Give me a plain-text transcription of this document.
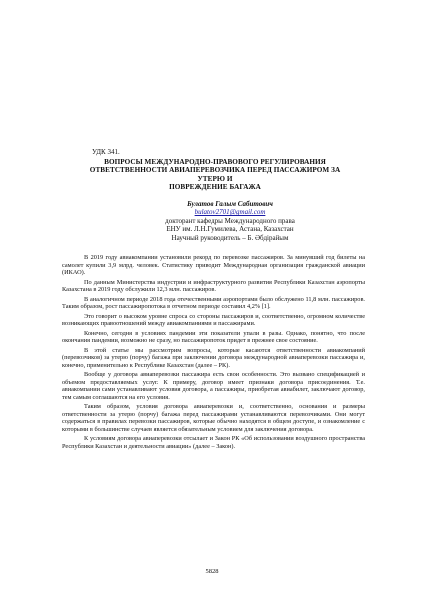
УДК 341.
ВОПРОСЫ МЕЖДУНАРОДНО-ПРАВОВОГО РЕГУЛИРОВАНИЯ
ОТВЕТСТВЕННОСТИ АВИАПЕРЕВОЗЧИКА ПЕРЕД ПАССАЖИРОМ ЗА УТЕРЮ И
ПОВРЕЖДЕНИЕ БАГАЖА
Булатов Галым Сабитович
bulatov2701@gmail.com
докторант кафедры Международного права
ЕНУ им. Л.Н.Гумилева, Астана, Казахстан
Научный руководитель – Б. Әбдірайым

В 2019 году авиакомпании установили рекорд по перевозке пассажиров. За минувший год билеты на самолет купили 3,9 млрд. человек. Статистику приводит Международная организация гражданской авиации (ИКАО).

По данным Министерства индустрии и инфраструктурного развития Республики Казахстан аэропорты Казахстана в 2019 году обслужили 12,3 млн. пассажиров.

В аналогичном периоде 2018 года отечественными аэропортами было обслужено 11,8 млн. пассажиров. Таким образом, рост пассажиропотока в отчетном периоде составил 4,2% [1].

Это говорит о высоком уровне спроса со стороны пассажиров и, соответственно, огромном количестве возникающих правоотношений между авиакомпаниями и пассажирами.

Конечно, сегодня в условиях пандемии эти показатели упали в разы. Однако, понятно, что после окончания пандемии, возможно не сразу, но пассажиропоток придет в прежнее свое состояние.

В этой статье мы рассмотрим вопросы, которые касаются ответственности авиакомпаний (перевозчиков) за утерю (порчу) багажа при заключении договора международной авиаперевозки пассажира и, конечно, применительно к Республике Казахстан (далее – РК).

Вообще у договора авиаперевозки пассажира есть свои особенности. Это вызвано спецификацией и объемом предоставляемых услуг. К примеру, договор имеет признаки договора присоединения. Т.е. авиакомпании сами устанавливают условия договора, а пассажиры, приобретая авиабилет, заключают договор, тем самым соглашаются на его условия.

Таким образом, условия договора авиаперевозки и, соответственно, основания и размеры ответственности за утерю (порчу) багажа перед пассажирами устанавливаются перевозчиками. Они могут содержаться в правилах перевозки пассажиров, которые обычно находятся в общем доступе, и ознакомление с которыми в большинстве случаев является обязательным условием для заключения договора.

К условиям договора авиаперевозки отсылает и Закон РК «Об использовании воздушного пространства Республики Казахстан и деятельности авиации» (далее – Закон).

5828
